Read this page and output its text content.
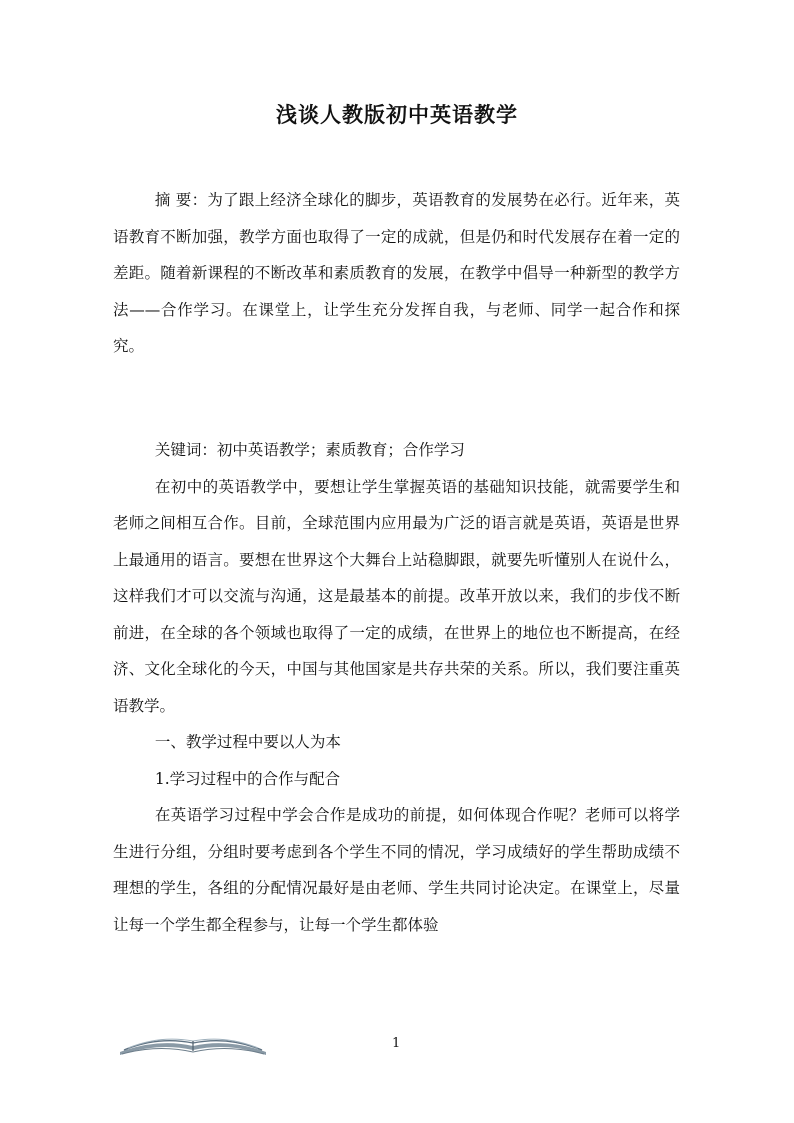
浅谈人教版初中英语教学

摘 要：为了跟上经济全球化的脚步，英语教育的发展势在必行。近年来，英语教育不断加强，教学方面也取得了一定的成就，但是仍和时代发展存在着一定的差距。随着新课程的不断改革和素质教育的发展，在教学中倡导一种新型的教学方法——合作学习。在课堂上，让学生充分发挥自我，与老师、同学一起合作和探究。

关键词：初中英语教学；素质教育；合作学习

在初中的英语教学中，要想让学生掌握英语的基础知识技能，就需要学生和老师之间相互合作。目前，全球范围内应用最为广泛的语言就是英语，英语是世界上最通用的语言。要想在世界这个大舞台上站稳脚跟，就要先听懂别人在说什么，这样我们才可以交流与沟通，这是最基本的前提。改革开放以来，我们的步伐不断前进，在全球的各个领域也取得了一定的成绩，在世界上的地位也不断提高，在经济、文化全球化的今天，中国与其他国家是共存共荣的关系。所以，我们要注重英语教学。

一、教学过程中要以人为本

1.学习过程中的合作与配合

在英语学习过程中学会合作是成功的前提，如何体现合作呢？老师可以将学生进行分组，分组时要考虑到各个学生不同的情况，学习成绩好的学生帮助成绩不理想的学生，各组的分配情况最好是由老师、学生共同讨论决定。在课堂上，尽量让每一个学生都全程参与，让每一个学生都体验

1
